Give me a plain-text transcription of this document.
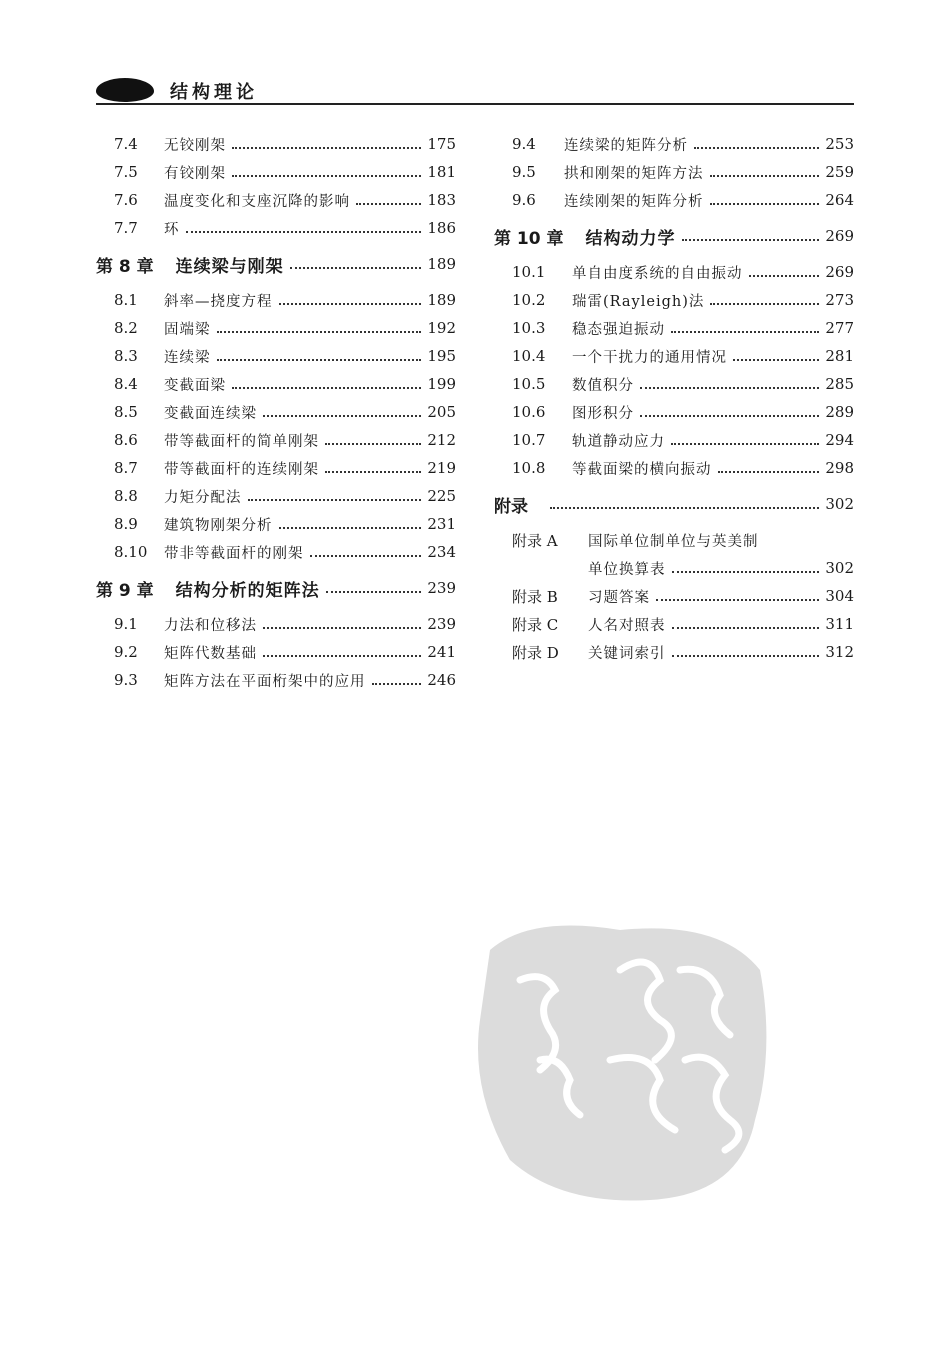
结构理论
7.4	无铰刚架	175
7.5	有铰刚架	181
7.6	温度变化和支座沉降的影响	183
7.7	环	186
第 8 章 连续梁与刚架	189
8.1	斜率—挠度方程	189
8.2	固端梁	192
8.3	连续梁	195
8.4	变截面梁	199
8.5	变截面连续梁	205
8.6	带等截面杆的简单刚架	212
8.7	带等截面杆的连续刚架	219
8.8	力矩分配法	225
8.9	建筑物刚架分析	231
8.10	带非等截面杆的刚架	234
第 9 章 结构分析的矩阵法	239
9.1	力法和位移法	239
9.2	矩阵代数基础	241
9.3	矩阵方法在平面桁架中的应用	246
9.4	连续梁的矩阵分析	253
9.5	拱和刚架的矩阵方法	259
9.6	连续刚架的矩阵分析	264
第 10 章 结构动力学	269
10.1	单自由度系统的自由振动	269
10.2	瑞雷(Rayleigh)法	273
10.3	稳态强迫振动	277
10.4	一个干扰力的通用情况	281
10.5	数值积分	285
10.6	图形积分	289
10.7	轨道静动应力	294
10.8	等截面梁的横向振动	298
附录	302
附录 A	国际单位制单位与英美制
单位换算表	302
附录 B	习题答案	304
附录 C	人名对照表	311
附录 D	关键词索引	312
